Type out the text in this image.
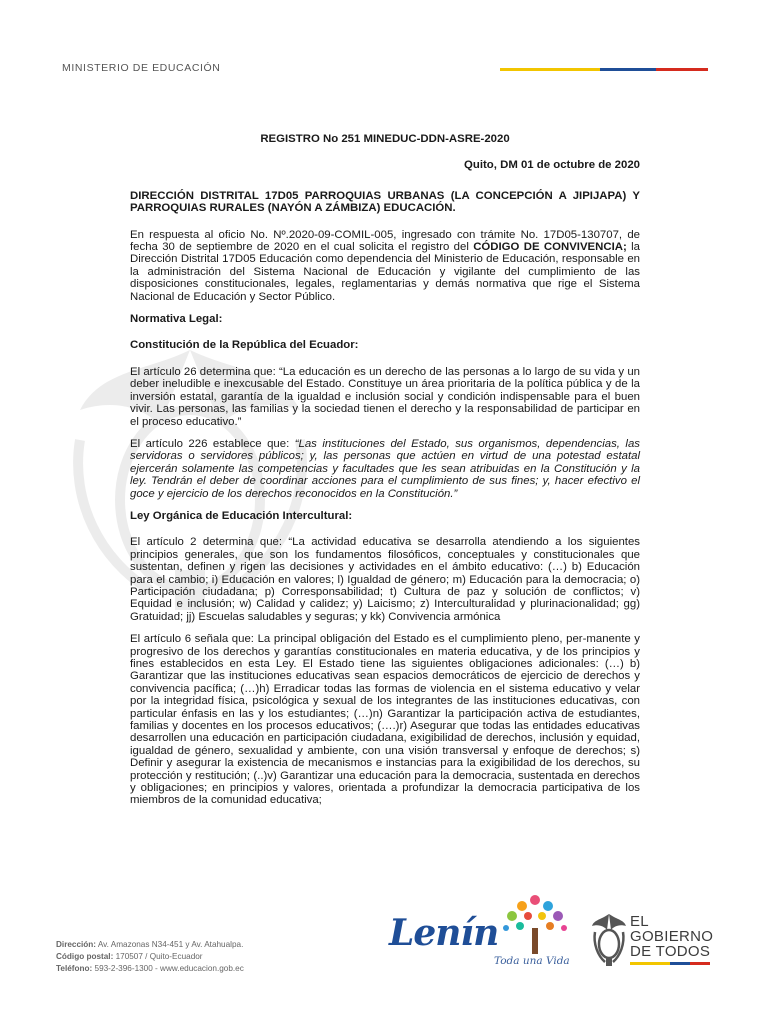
MINISTERIO DE EDUCACIÓN

REGISTRO No 251 MINEDUC-DDN-ASRE-2020

Quito, DM 01 de octubre de 2020

DIRECCIÓN DISTRITAL 17D05 PARROQUIAS URBANAS (LA CONCEPCIÓN A JIPIJAPA) Y PARROQUIAS RURALES (NAYÓN A ZÁMBIZA) EDUCACIÓN.

En respuesta al oficio No. Nº.2020-09-COMIL-005, ingresado con trámite No. 17D05-130707, de fecha 30 de septiembre de 2020 en el cual solicita el registro del CÓDIGO DE CONVIVENCIA; la Dirección Distrital 17D05 Educación como dependencia del Ministerio de Educación, responsable en la administración del Sistema Nacional de Educación y vigilante del cumplimiento de las disposiciones constitucionales, legales, reglamentarias y demás normativa que rige el Sistema Nacional de Educación y Sector Público.

Normativa Legal:

Constitución de la República del Ecuador:

El artículo 26 determina que: “La educación es un derecho de las personas a lo largo de su vida y un deber ineludible e inexcusable del Estado. Constituye un área prioritaria de la política pública y de la inversión estatal, garantía de la igualdad e inclusión social y condición indispensable para el buen vivir. Las personas, las familias y la sociedad tienen el derecho y la responsabilidad de participar en el proceso educativo.”

El artículo 226 establece que: “Las instituciones del Estado, sus organismos, dependencias, las servidoras o servidores públicos; y, las personas que actúen en virtud de una potestad estatal ejercerán solamente las competencias y facultades que les sean atribuidas en la Constitución y la ley. Tendrán el deber de coordinar acciones para el cumplimiento de sus fines; y, hacer efectivo el goce y ejercicio de los derechos reconocidos en la Constitución.”

Ley Orgánica de Educación Intercultural:

El artículo 2 determina que: “La actividad educativa se desarrolla atendiendo a los siguientes principios generales, que son los fundamentos filosóficos, conceptuales y constitucionales que sustentan, definen y rigen las decisiones y actividades en el ámbito educativo: (…) b) Educación para el cambio; i) Educación en valores; l) Igualdad de género; m) Educación para la democracia; o) Participación ciudadana; p) Corresponsabilidad; t) Cultura de paz y solución de conflictos; v) Equidad e inclusión; w) Calidad y calidez; y) Laicismo; z) Interculturalidad y plurinacionalidad; gg) Gratuidad; jj) Escuelas saludables y seguras; y kk) Convivencia armónica

El artículo 6 señala que: La principal obligación del Estado es el cumplimiento pleno, per-manente y progresivo de los derechos y garantías constitucionales en materia educativa, y de los principios y fines establecidos en esta Ley. El Estado tiene las siguientes obligaciones adicionales: (…) b) Garantizar que las instituciones educativas sean espacios democráticos de ejercicio de derechos y convivencia pacífica; (…)h) Erradicar todas las formas de violencia en el sistema educativo y velar por la integridad física, psicológica y sexual de los integrantes de las instituciones educativas, con particular énfasis en las y los estudiantes; (…)n) Garantizar la participación activa de estudiantes, familias y docentes en los procesos educativos; (….)r) Asegurar que todas las entidades educativas desarrollen una educación en participación ciudadana, exigibilidad de derechos, inclusión y equidad, igualdad de género, sexualidad y ambiente, con una visión transversal y enfoque de derechos; s) Definir y asegurar la existencia de mecanismos e instancias para la exigibilidad de los derechos, su protección y restitución; (..)v) Garantizar una educación para la democracia, sustentada en derechos y obligaciones; en principios y valores, orientada a profundizar la democracia participativa de los miembros de la comunidad educativa;

Dirección: Av. Amazonas N34-451 y Av. Atahualpa.
Código postal: 170507 / Quito-Ecuador
Teléfono: 593-2-396-1300 - www.educacion.gob.ec
Lenín
Toda una Vida
EL
GOBIERNO
DE TODOS
